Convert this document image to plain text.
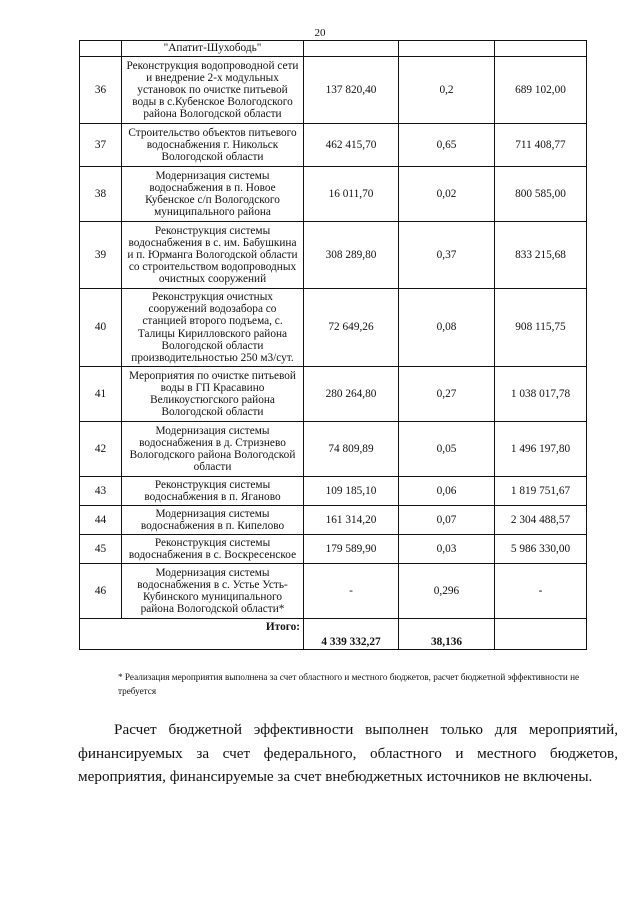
20
	"Апатит-Шухободь"			
36	Реконструкция водопроводной сети и внедрение 2-х модульных установок по очистке питьевой воды в с.Кубенское Вологодского района Вологодской области	137 820,40	0,2	689 102,00
37	Строительство объектов питьевого водоснабжения г. Никольск Вологодской области	462 415,70	0,65	711 408,77
38	Модернизация системы водоснабжения в п. Новое Кубенское с/п Вологодского муниципального района	16 011,70	0,02	800 585,00
39	Реконструкция системы водоснабжения в с. им. Бабушкина и п. Юрманга Вологодской области со строительством водопроводных очистных сооружений	308 289,80	0,37	833 215,68
40	Реконструкция очистных сооружений водозабора со станцией второго подъема, с. Талицы Кирилловского района Вологодской области производительностью 250 м3/сут.	72 649,26	0,08	908 115,75
41	Мероприятия по очистке питьевой воды в ГП Красавино Великоустюгского района Вологодской области	280 264,80	0,27	1 038 017,78
42	Модернизация системы водоснабжения в д. Стризнево Вологодского района Вологодской области	74 809,89	0,05	1 496 197,80
43	Реконструкция системы водоснабжения в п. Яганово	109 185,10	0,06	1 819 751,67
44	Модернизация системы водоснабжения в п. Кипелово	161 314,20	0,07	2 304 488,57
45	Реконструкция системы водоснабжения в с. Воскресенское	179 589,90	0,03	5 986 330,00
46	Модернизация системы водоснабжения в с. Устье Усть-Кубинского муниципального района Вологодской области*	-	0,296	-
Итого:		4 339 332,27	38,136	
* Реализация мероприятия выполнена за счет областного и местного бюджетов, расчет бюджетной эффективности не требуется
Расчет бюджетной эффективности выполнен только для мероприятий, финансируемых за счет федерального, областного и местного бюджетов, мероприятия, финансируемые за счет внебюджетных источников не включены.
